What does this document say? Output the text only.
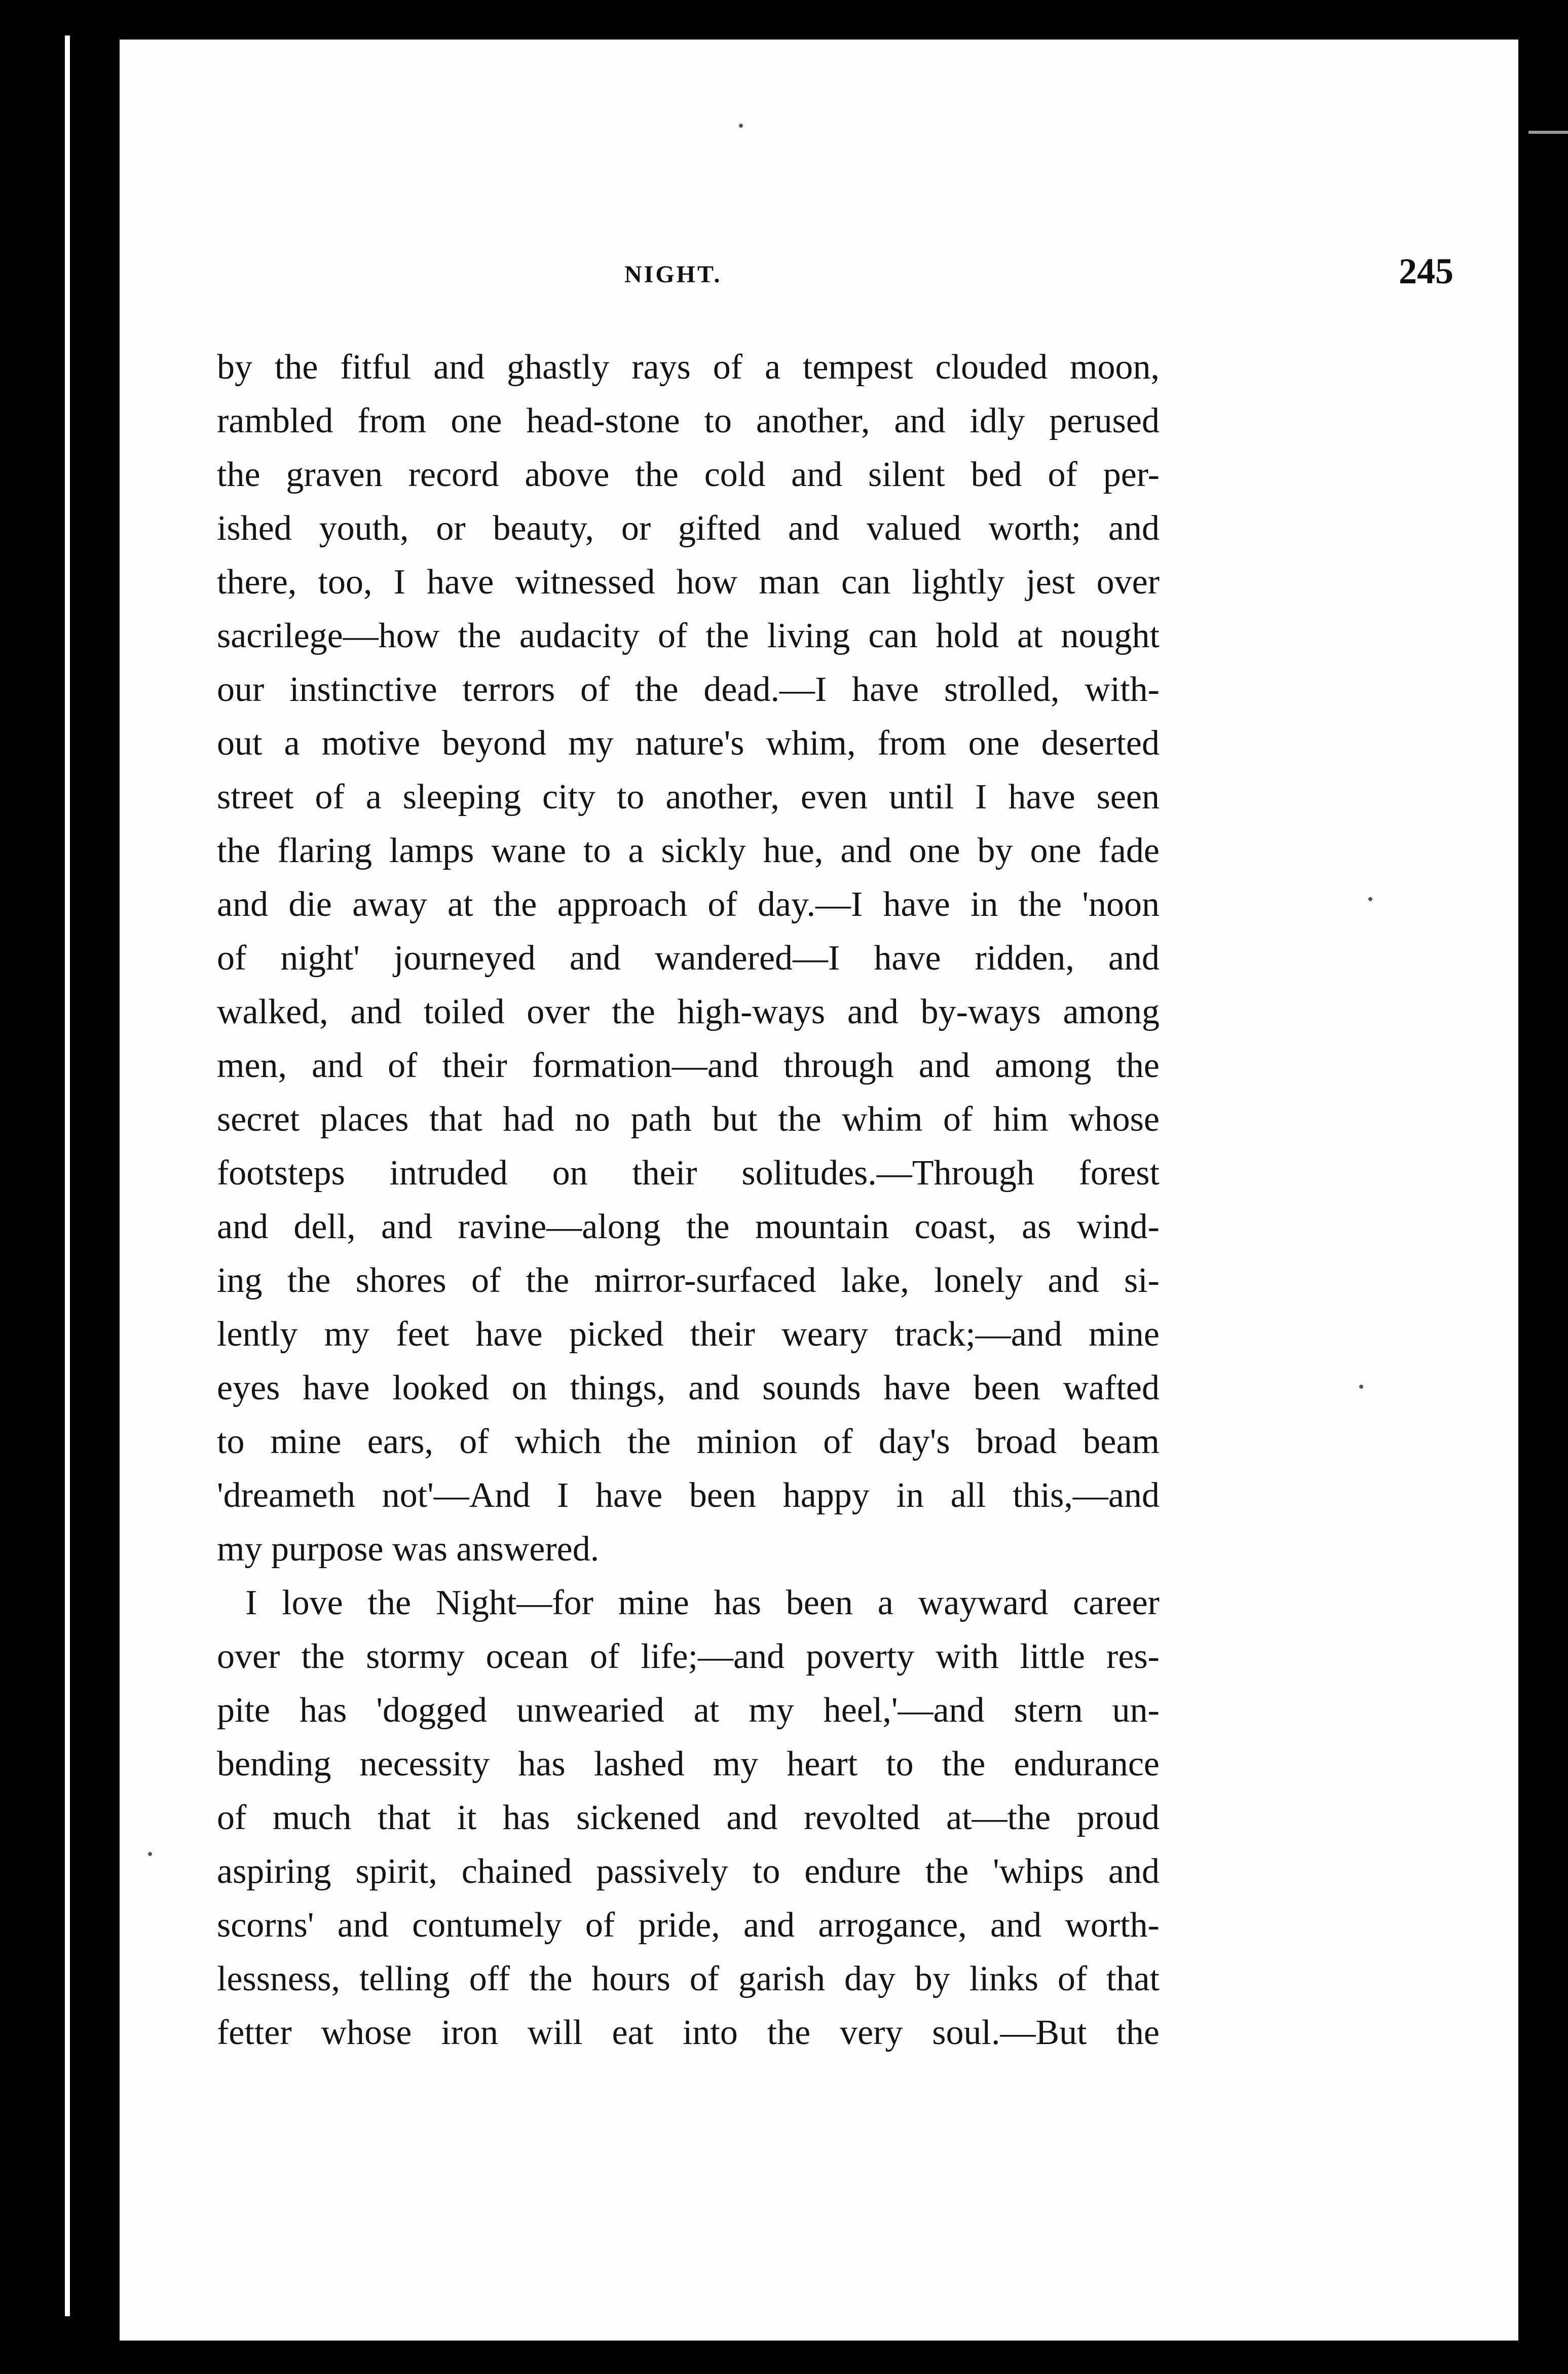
NIGHT.	245
by the fitful and ghastly rays of a tempest clouded moon,
rambled from one head-stone to another, and idly perused
the graven record above the cold and silent bed of per-
ished youth, or beauty, or gifted and valued worth; and
there, too, I have witnessed how man can lightly jest over
sacrilege—how the audacity of the living can hold at nought
our instinctive terrors of the dead.—I have strolled, with-
out a motive beyond my nature's whim, from one deserted
street of a sleeping city to another, even until I have seen
the flaring lamps wane to a sickly hue, and one by one fade
and die away at the approach of day.—I have in the 'noon
of night' journeyed and wandered—I have ridden, and
walked, and toiled over the high-ways and by-ways among
men, and of their formation—and through and among the
secret places that had no path but the whim of him whose
footsteps intruded on their solitudes.—Through forest
and dell, and ravine—along the mountain coast, as wind-
ing the shores of the mirror-surfaced lake, lonely and si-
lently my feet have picked their weary track;—and mine
eyes have looked on things, and sounds have been wafted
to mine ears, of which the minion of day's broad beam
'dreameth not'—And I have been happy in all this,—and
my purpose was answered.
I love the Night—for mine has been a wayward career
over the stormy ocean of life;—and poverty with little res-
pite has 'dogged unwearied at my heel,'—and stern un-
bending necessity has lashed my heart to the endurance
of much that it has sickened and revolted at—the proud
aspiring spirit, chained passively to endure the 'whips and
scorns' and contumely of pride, and arrogance, and worth-
lessness, telling off the hours of garish day by links of that
fetter whose iron will eat into the very soul.—But the
